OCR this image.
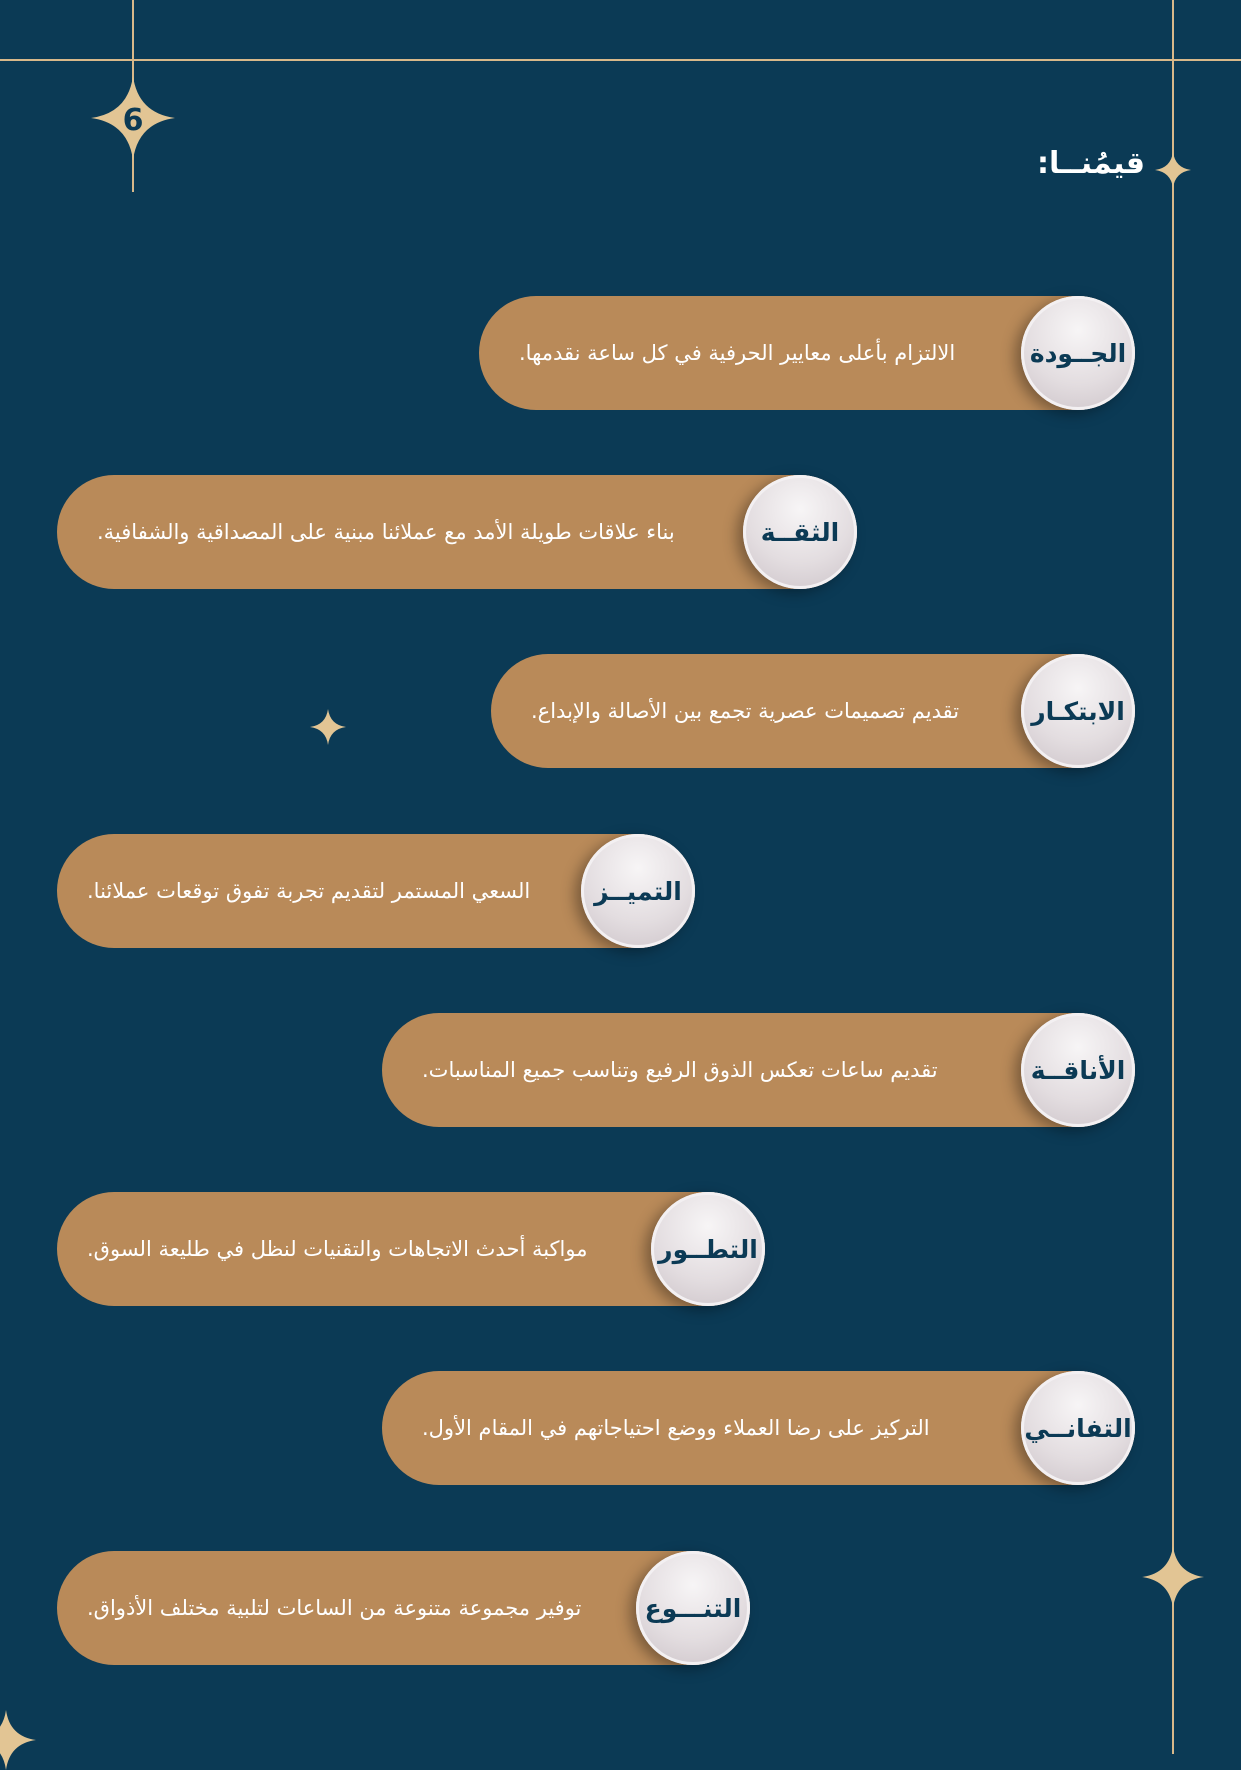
6
قيمُنــا:
الالتزام بأعلى معايير الحرفية في كل ساعة نقدمها.	الجــودة
بناء علاقات طويلة الأمد مع عملائنا مبنية على المصداقية والشفافية.	الثقــة
تقديم تصميمات عصرية تجمع بين الأصالة والإبداع.	الابتكـار
السعي المستمر لتقديم تجربة تفوق توقعات عملائنا.	التميــز
تقديم ساعات تعكس الذوق الرفيع وتناسب جميع المناسبات.	الأناقــة
مواكبة أحدث الاتجاهات والتقنيات لنظل في طليعة السوق.	التطــور
التركيز على رضا العملاء ووضع احتياجاتهم في المقام الأول.	التفانــي
توفير مجموعة متنوعة من الساعات لتلبية مختلف الأذواق.	التنـــوع
